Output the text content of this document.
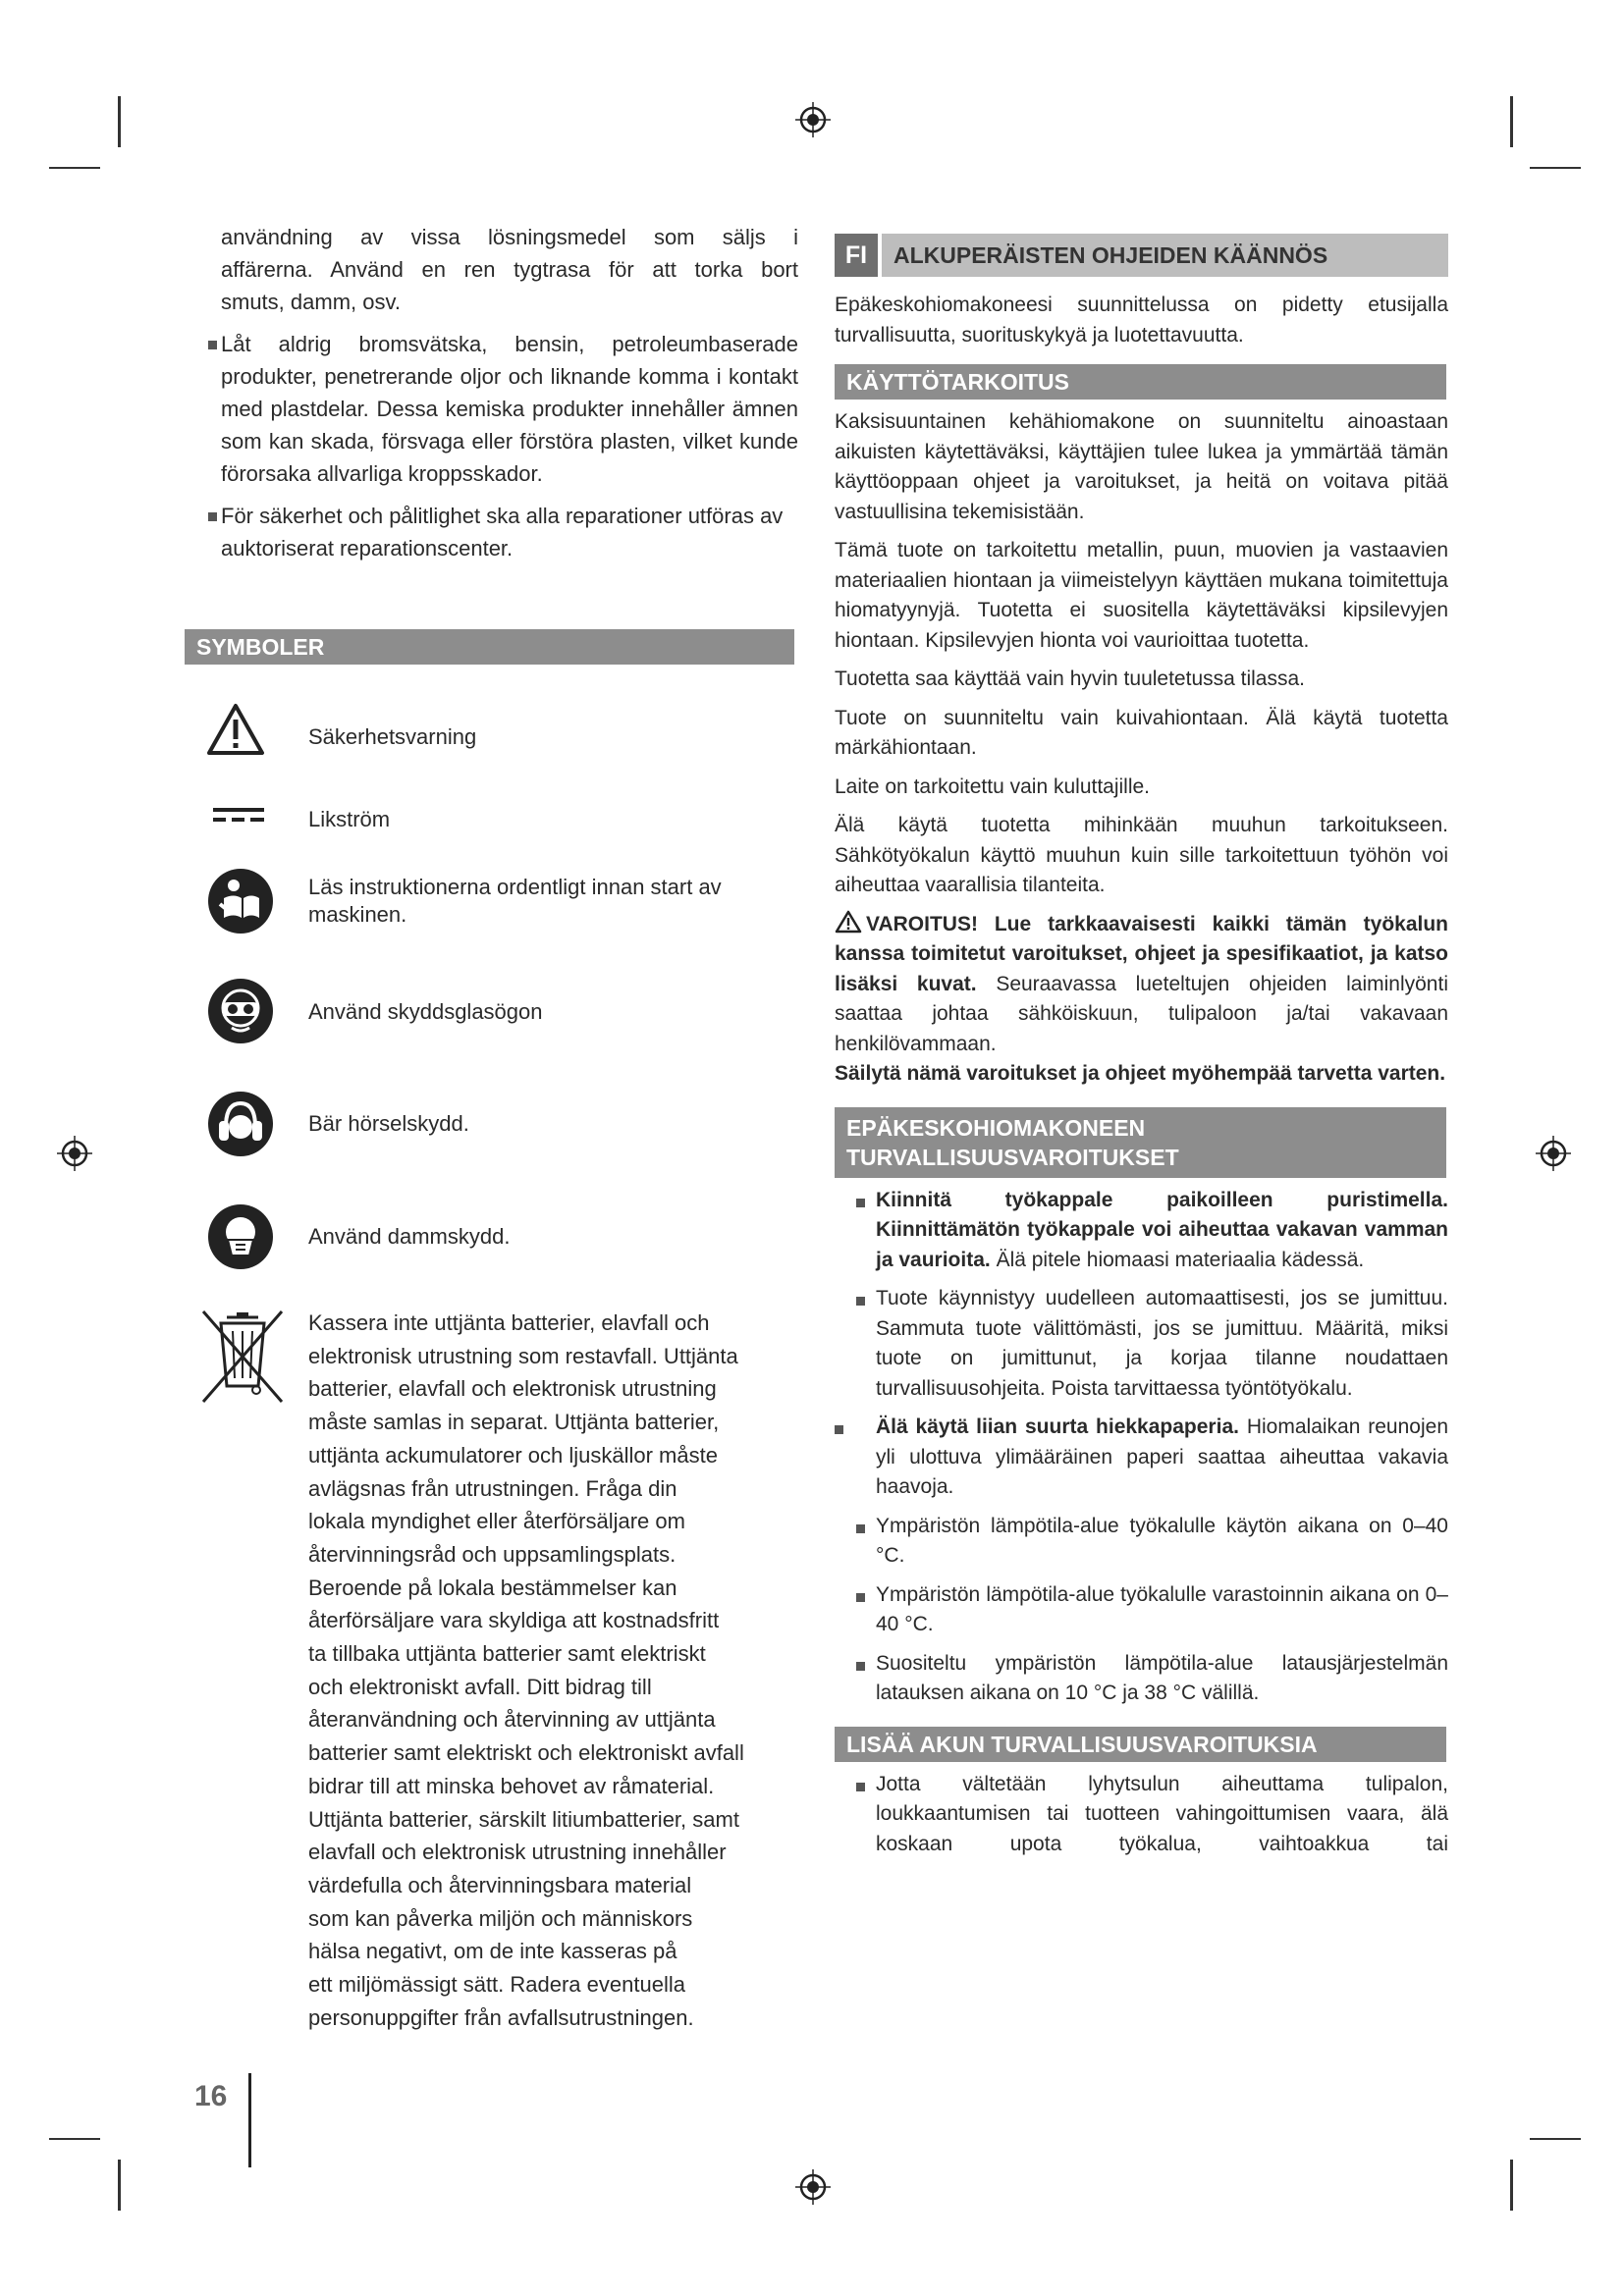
användning av vissa lösningsmedel som säljs i

affärerna. Använd en ren tygtrasa för att torka bort

smuts, damm, osv.

Låt aldrig bromsvätska, bensin, petroleumbaserade produkter, penetrerande oljor och liknande komma i kontakt med plastdelar. Dessa kemiska produkter innehåller ämnen som kan skada, försvaga eller förstöra plasten, vilket kunde förorsaka allvarliga kroppsskador.
För säkerhet och pålitlighet ska alla reparationer utföras av auktoriserat reparationscenter.
SYMBOLER

Säkerhetsvarning

Likström

Läs instruktionerna ordentligt innan start av maskinen.

Använd skyddsglasögon

Bär hörselskydd.

Använd dammskydd.

Kassera inte uttjänta batterier, elavfall och

elektronisk utrustning som restavfall. Uttjänta

batterier, elavfall och elektronisk utrustning

måste samlas in separat. Uttjänta batterier,

uttjänta ackumulatorer och ljuskällor måste

avlägsnas från utrustningen. Fråga din

lokala myndighet eller återförsäljare om

återvinningsråd och uppsamlingsplats.

Beroende på lokala bestämmelser kan

återförsäljare vara skyldiga att kostnadsfritt

ta tillbaka uttjänta batterier samt elektriskt

och elektroniskt avfall. Ditt bidrag till

återanvändning och återvinning av uttjänta

batterier samt elektriskt och elektroniskt avfall

bidrar till att minska behovet av råmaterial.

Uttjänta batterier, särskilt litiumbatterier, samt

elavfall och elektronisk utrustning innehåller

värdefulla och återvinningsbara material

som kan påverka miljön och människors

hälsa negativt, om de inte kasseras på

ett miljömässigt sätt. Radera eventuella

personuppgifter från avfallsutrustningen.

16
FI	ALKUPERÄISTEN OHJEIDEN KÄÄNNÖS

Epäkeskohiomakoneesi suunnittelussa on pidetty etusijalla turvallisuutta, suorituskykyä ja luotettavuutta.

KÄYTTÖTARKOITUS

Kaksisuuntainen kehähiomakone on suunniteltu ainoastaan aikuisten käytettäväksi, käyttäjien tulee lukea ja ymmärtää tämän käyttöoppaan ohjeet ja varoitukset, ja heitä on voitava pitää vastuullisina tekemisistään.

Tämä tuote on tarkoitettu metallin, puun, muovien ja vastaavien materiaalien hiontaan ja viimeistelyyn käyttäen mukana toimitettuja hiomatyynyjä. Tuotetta ei suositella käytettäväksi kipsilevyjen hiontaan. Kipsilevyjen hionta voi vaurioittaa tuotetta.

Tuotetta saa käyttää vain hyvin tuuletetussa tilassa.

Tuote on suunniteltu vain kuivahiontaan. Älä käytä tuotetta märkähiontaan.

Laite on tarkoitettu vain kuluttajille.

Älä käytä tuotetta mihinkään muuhun tarkoitukseen. Sähkötyökalun käyttö muuhun kuin sille tarkoitettuun työhön voi aiheuttaa vaarallisia tilanteita.

VAROITUS! Lue tarkkaavaisesti kaikki tämän työkalun kanssa toimitetut varoitukset, ohjeet ja spesifikaatiot, ja katso lisäksi kuvat. Seuraavassa lueteltujen ohjeiden laiminlyönti saattaa johtaa sähköiskuun, tulipaloon ja/tai vakavaan henkilövammaan.

Säilytä nämä varoitukset ja ohjeet myöhempää tarvetta varten.

EPÄKESKOHIOMAKONEEN
TURVALLISUUSVAROITUKSET
Kiinnitä työkappale paikoilleen puristimella. Kiinnittämätön työkappale voi aiheuttaa vakavan vamman ja vaurioita. Älä pitele hiomaasi materiaalia kädessä.
Tuote käynnistyy uudelleen automaattisesti, jos se jumittuu. Sammuta tuote välittömästi, jos se jumittuu. Määritä, miksi tuote on jumittunut, ja korjaa tilanne noudattaen turvallisuusohjeita. Poista tarvittaessa työntötyökalu.
Älä käytä liian suurta hiekkapaperia. Hiomalaikan reunojen yli ulottuva ylimääräinen paperi saattaa aiheuttaa vakavia haavoja.
Ympäristön lämpötila-alue työkalulle käytön aikana on 0–40 °C.
Ympäristön lämpötila-alue työkalulle varastoinnin aikana on 0–40 °C.
Suositeltu ympäristön lämpötila-alue latausjärjestelmän latauksen aikana on 10 °C ja 38 °C välillä.
LISÄÄ AKUN TURVALLISUUSVAROITUKSIA
Jotta vältetään lyhytsulun aiheuttama tulipalon, loukkaantumisen tai tuotteen vahingoittumisen vaara, älä koskaan upota työkalua, vaihtoakkua tai
